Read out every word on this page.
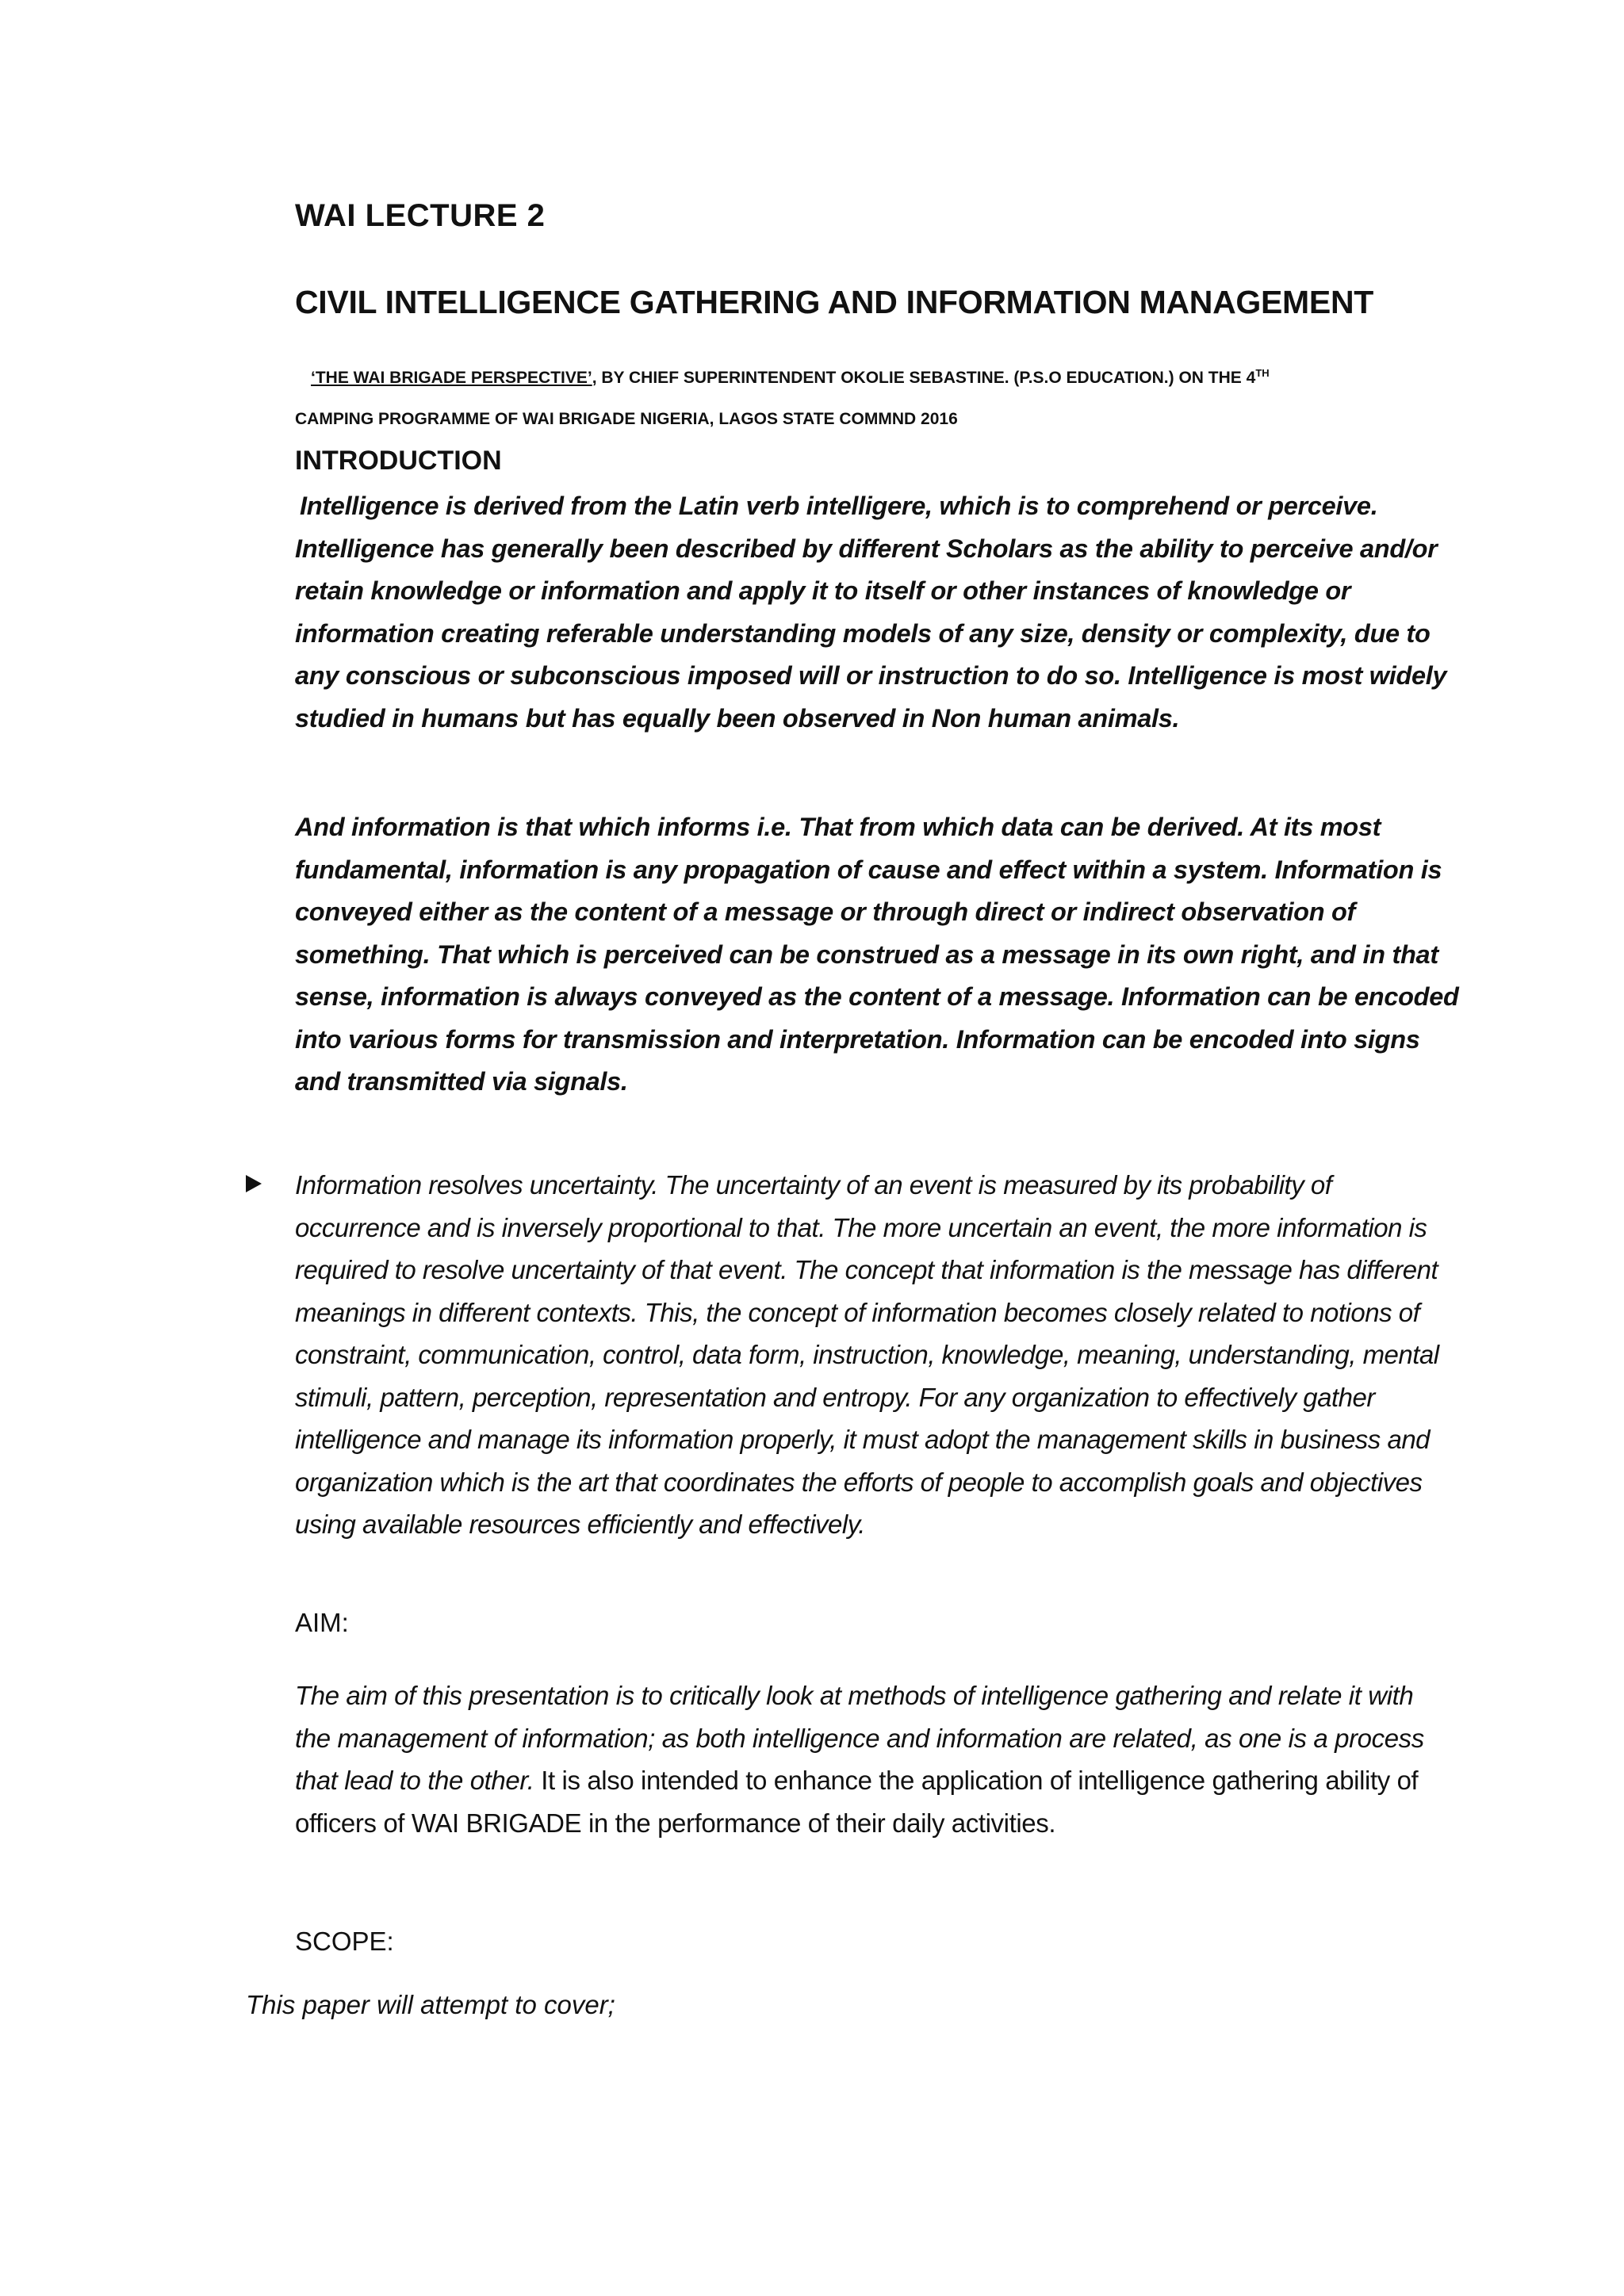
WAI LECTURE 2
CIVIL INTELLIGENCE GATHERING AND INFORMATION MANAGEMENT

‘THE WAI BRIGADE PERSPECTIVE’, BY CHIEF SUPERINTENDENT OKOLIE SEBASTINE. (P.S.O EDUCATION.) ON THE 4TH
CAMPING PROGRAMME OF WAI BRIGADE NIGERIA, LAGOS STATE COMMND 2016

INTRODUCTION

Intelligence is derived from the Latin verb intelligere, which is to comprehend or perceive. Intelligence has generally been described by different Scholars as the ability to perceive and/or retain knowledge or information and apply it to itself or other instances of knowledge or information creating referable understanding models of any size, density or complexity, due to any conscious or subconscious imposed will or instruction to do so. Intelligence is most widely studied in humans but has equally been observed in Non human animals.

And information is that which informs i.e. That from which data can be derived. At its most fundamental, information is any propagation of cause and effect within a system. Information is conveyed either as the content of a message or through direct or indirect observation of something. That which is perceived can be construed as a message in its own right, and in that sense, information is always conveyed as the content of a message. Information can be encoded into various forms for transmission and interpretation. Information can be encoded into signs and transmitted via signals.

Information resolves uncertainty. The uncertainty of an event is measured by its probability of occurrence and is inversely proportional to that. The more uncertain an event, the more information is required to resolve uncertainty of that event. The concept that information is the message has different meanings in different contexts. This, the concept of information becomes closely related to notions of constraint, communication, control, data form, instruction, knowledge, meaning, understanding, mental stimuli, pattern, perception, representation and entropy. For any organization to effectively gather intelligence and manage its information properly, it must adopt the management skills in business and organization which is the art that coordinates the efforts of people to accomplish goals and objectives using available resources efficiently and effectively.

AIM:

The aim of this presentation is to critically look at methods of intelligence gathering and relate it with the management of information; as both intelligence and information are related, as one is a process that lead to the other. It is also intended to enhance the application of intelligence gathering ability of officers of WAI BRIGADE in the performance of their daily activities.

SCOPE:

This paper will attempt to cover;
